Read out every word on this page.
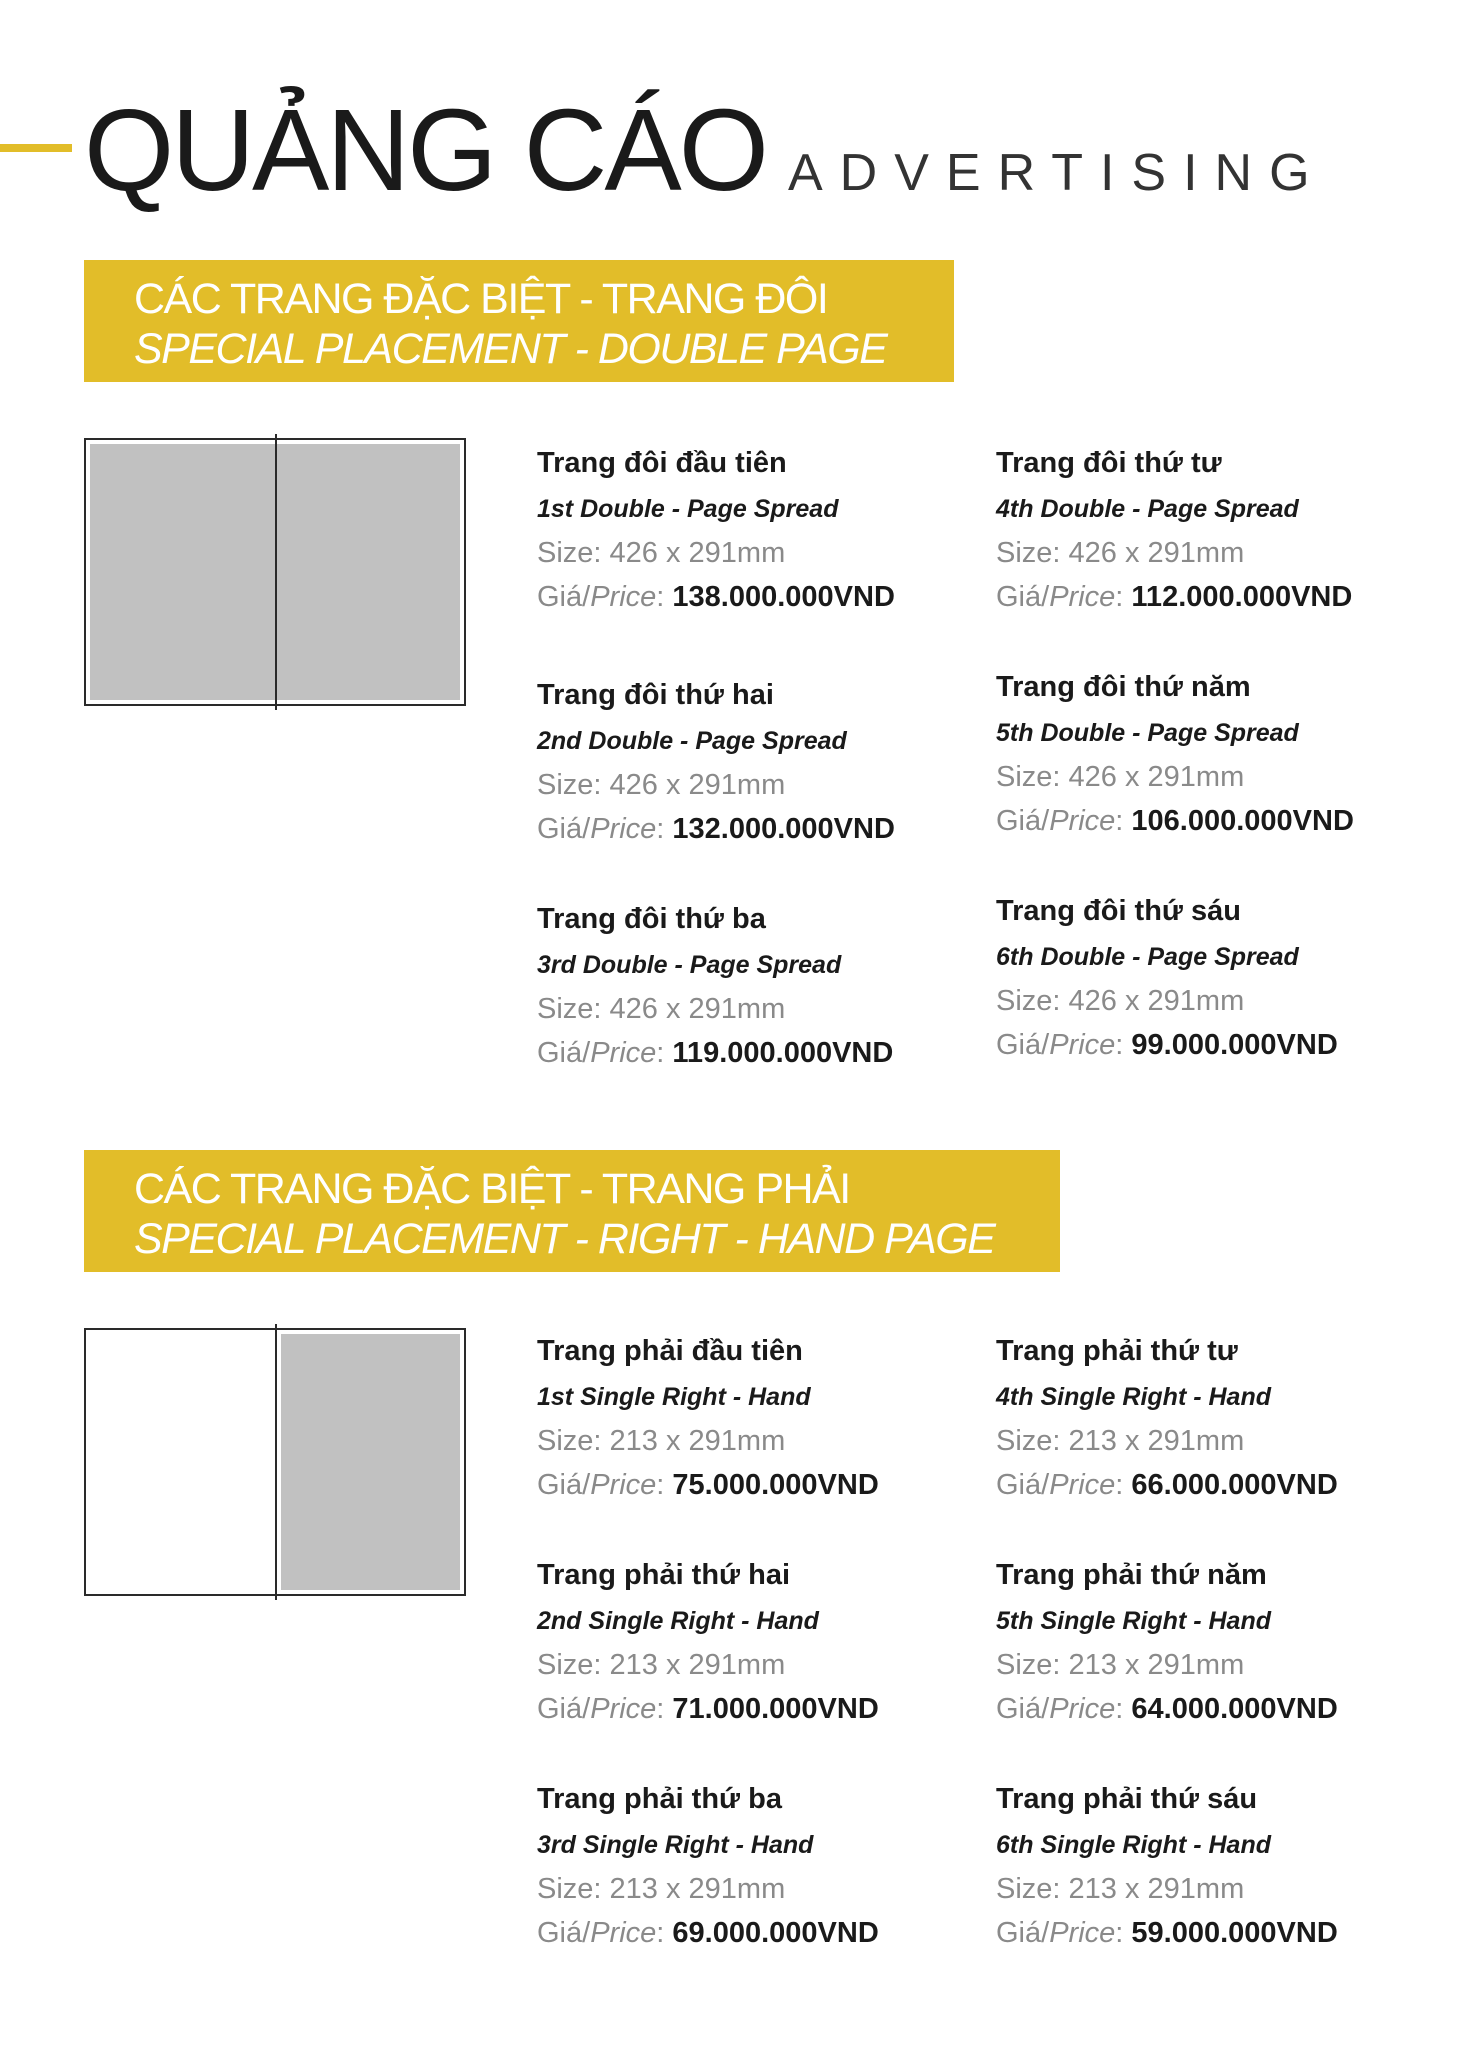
QUẢNG CÁO ADVERTISING
CÁC TRANG ĐẶC BIỆT - TRANG ĐÔI
SPECIAL PLACEMENT - DOUBLE PAGE
Trang đôi đầu tiên
1st Double - Page Spread
Size: 426 x 291mm
Giá/Price: 138.000.000VND
Trang đôi thứ hai
2nd Double - Page Spread
Size: 426 x 291mm
Giá/Price: 132.000.000VND
Trang đôi thứ ba
3rd Double - Page Spread
Size: 426 x 291mm
Giá/Price: 119.000.000VND
Trang đôi thứ tư
4th Double - Page Spread
Size: 426 x 291mm
Giá/Price: 112.000.000VND
Trang đôi thứ năm
5th Double - Page Spread
Size: 426 x 291mm
Giá/Price: 106.000.000VND
Trang đôi thứ sáu
6th Double - Page Spread
Size: 426 x 291mm
Giá/Price: 99.000.000VND
CÁC TRANG ĐẶC BIỆT - TRANG PHẢI
SPECIAL PLACEMENT - RIGHT - HAND PAGE
Trang phải đầu tiên
1st Single Right - Hand
Size: 213 x 291mm
Giá/Price: 75.000.000VND
Trang phải thứ hai
2nd Single Right - Hand
Size: 213 x 291mm
Giá/Price: 71.000.000VND
Trang phải thứ ba
3rd Single Right - Hand
Size: 213 x 291mm
Giá/Price: 69.000.000VND
Trang phải thứ tư
4th Single Right - Hand
Size: 213 x 291mm
Giá/Price: 66.000.000VND
Trang phải thứ năm
5th Single Right - Hand
Size: 213 x 291mm
Giá/Price: 64.000.000VND
Trang phải thứ sáu
6th Single Right - Hand
Size: 213 x 291mm
Giá/Price: 59.000.000VND
